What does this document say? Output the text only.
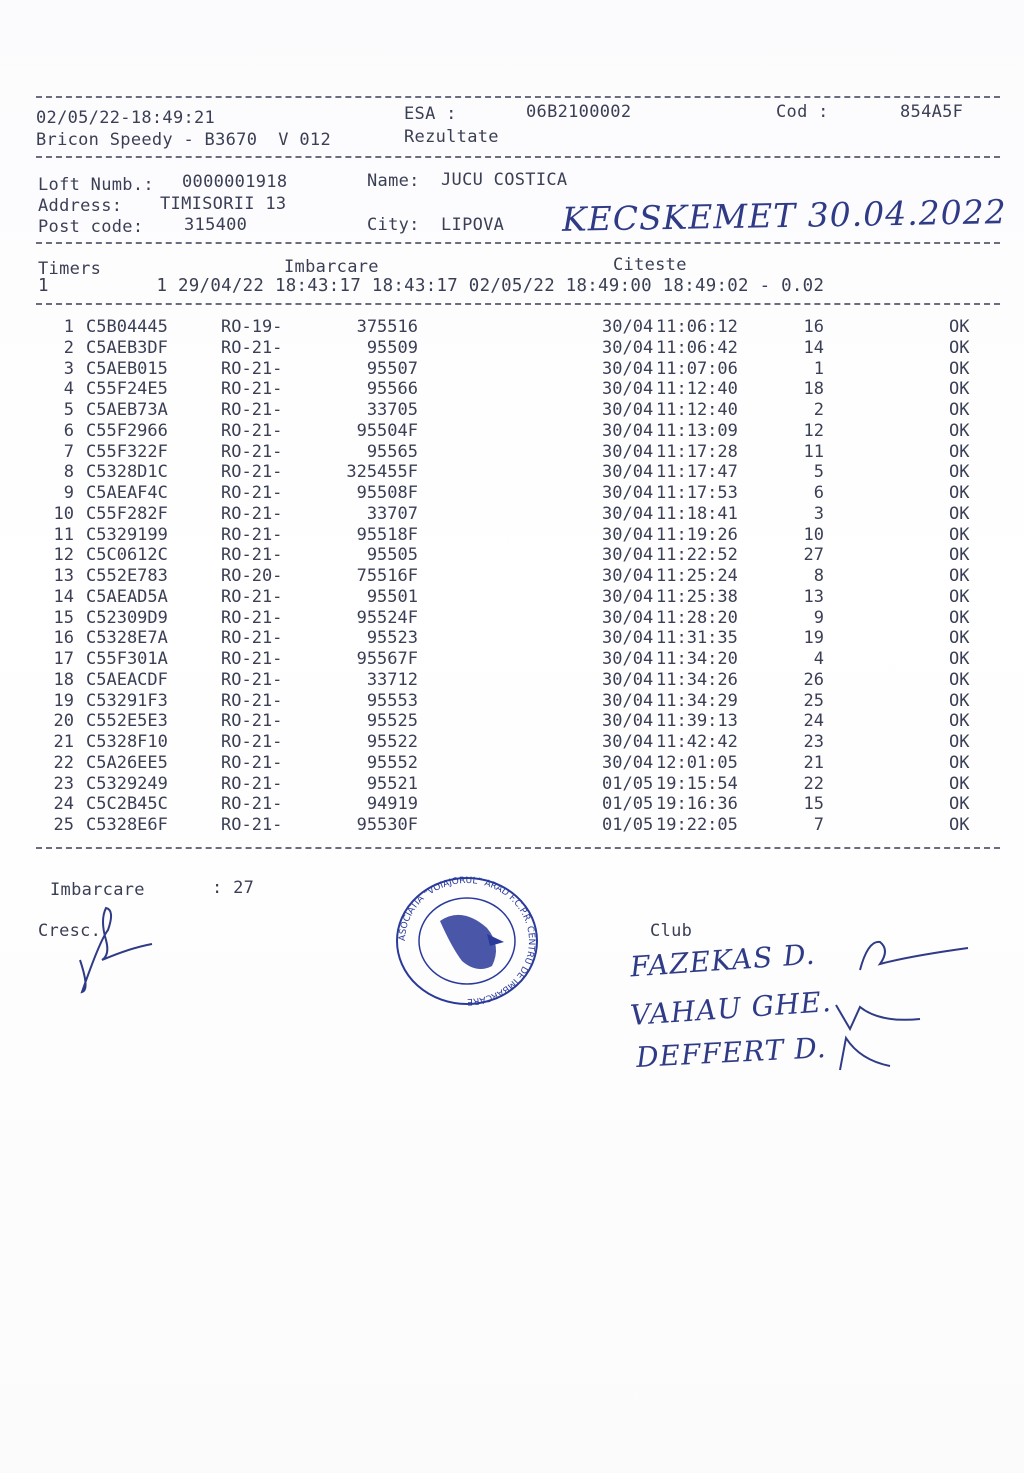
02/05/22-18:49:21	ESA :	06B2100002	Cod :	854A5F
Bricon Speedy - B3670  V 012	Rezultate
Loft Numb.: 0000001918	Name: JUCU COSTICA
Address: TIMISORII 13
Post code: 315400	City: LIPOVA KECSKEMET 30.04.2022
Timers	Imbarcare	Citeste
1          1 29/04/22 18:43:17 18:43:17 02/05/22 18:49:00 18:49:02 - 0.02
1 C5B04445	RO-19-	375516	30/04 11:06:12	16	OK
2 C5AEB3DF	RO-21-	95509	30/04 11:06:42	14	OK
3 C5AEB015	RO-21-	95507	30/04 11:07:06	1	OK
4 C55F24E5	RO-21-	95566	30/04 11:12:40	18	OK
5 C5AEB73A	RO-21-	33705	30/04 11:12:40	2	OK
6 C55F2966	RO-21-	95504F	30/04 11:13:09	12	OK
7 C55F322F	RO-21-	95565	30/04 11:17:28	11	OK
8 C5328D1C	RO-21-	325455F	30/04 11:17:47	5	OK
9 C5AEAF4C	RO-21-	95508F	30/04 11:17:53	6	OK
10 C55F282F	RO-21-	33707	30/04 11:18:41	3	OK
11 C5329199	RO-21-	95518F	30/04 11:19:26	10	OK
12 C5C0612C	RO-21-	95505	30/04 11:22:52	27	OK
13 C552E783	RO-20-	75516F	30/04 11:25:24	8	OK
14 C5AEAD5A	RO-21-	95501	30/04 11:25:38	13	OK
15 C52309D9	RO-21-	95524F	30/04 11:28:20	9	OK
16 C5328E7A	RO-21-	95523	30/04 11:31:35	19	OK
17 C55F301A	RO-21-	95567F	30/04 11:34:20	4	OK
18 C5AEACDF	RO-21-	33712	30/04 11:34:26	26	OK
19 C53291F3	RO-21-	95553	30/04 11:34:29	25	OK
20 C552E5E3	RO-21-	95525	30/04 11:39:13	24	OK
21 C5328F10	RO-21-	95522	30/04 11:42:42	23	OK
22 C5A26EE5	RO-21-	95552	30/04 12:01:05	21	OK
23 C5329249	RO-21-	95521	01/05 19:15:54	22	OK
24 C5C2B45C	RO-21-	94919	01/05 19:16:36	15	OK
25 C5328E6F	RO-21-	95530F	01/05 19:22:05	7	OK
Imbarcare	: 27
Cresc.	Club
ASOCIATIA "VOIAJORUL" ARAD F.C.P.R. CENTRU DE IMBARCARE
FAZEKAS D.
VAHAU GHE.
DEFFERT D.
